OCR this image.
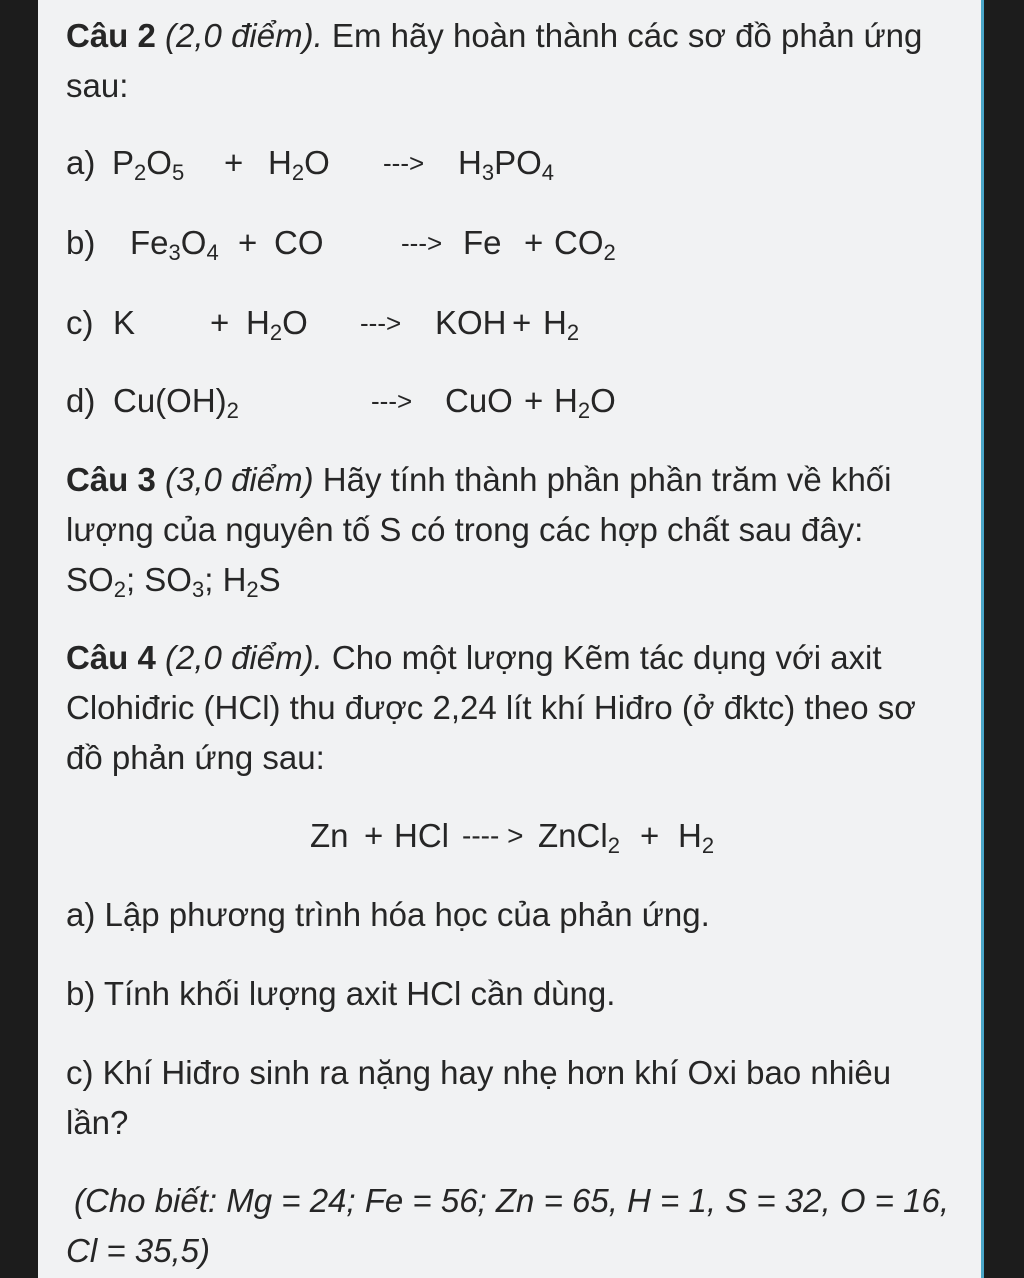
Câu 2 (2,0 điểm). Em hãy hoàn thành các sơ đồ phản ứng
sau:
a) $P_2O_5 + H_2O$ ---> $H_3PO_4$
b) $Fe_3O_4$ + CO	---> $Fe + CO_2$
c) $K + H_2O$ ---> KOH + $H_2$
d) $Cu(OH)_2$	---> CuO + $H_2O$
Câu 3 (3,0 điểm) Hãy tính thành phần phần trăm về khối
lượng của nguyên tố S có trong các hợp chất sau đây:
$SO_2$; $SO_3$; $H_2S$
Câu 4 (2,0 điểm). Cho một lượng Kẽm tác dụng với axit
Clohiđric (HCl) thu được 2,24 lít khí Hiđro (ở đktc) theo sơ
đồ phản ứng sau:
Zn + HCl ---- > ZnCl$_2$ + $H_2$
a) Lập phương trình hóa học của phản ứng.
b) Tính khối lượng axit HCl cần dùng.
c) Khí Hiđro sinh ra nặng hay nhẹ hơn khí Oxi bao nhiêu
lần?
(Cho biết: Mg = 24; Fe = 56; Zn = 65, H = 1, S = 32, O = 16,
Cl = 35,5)
